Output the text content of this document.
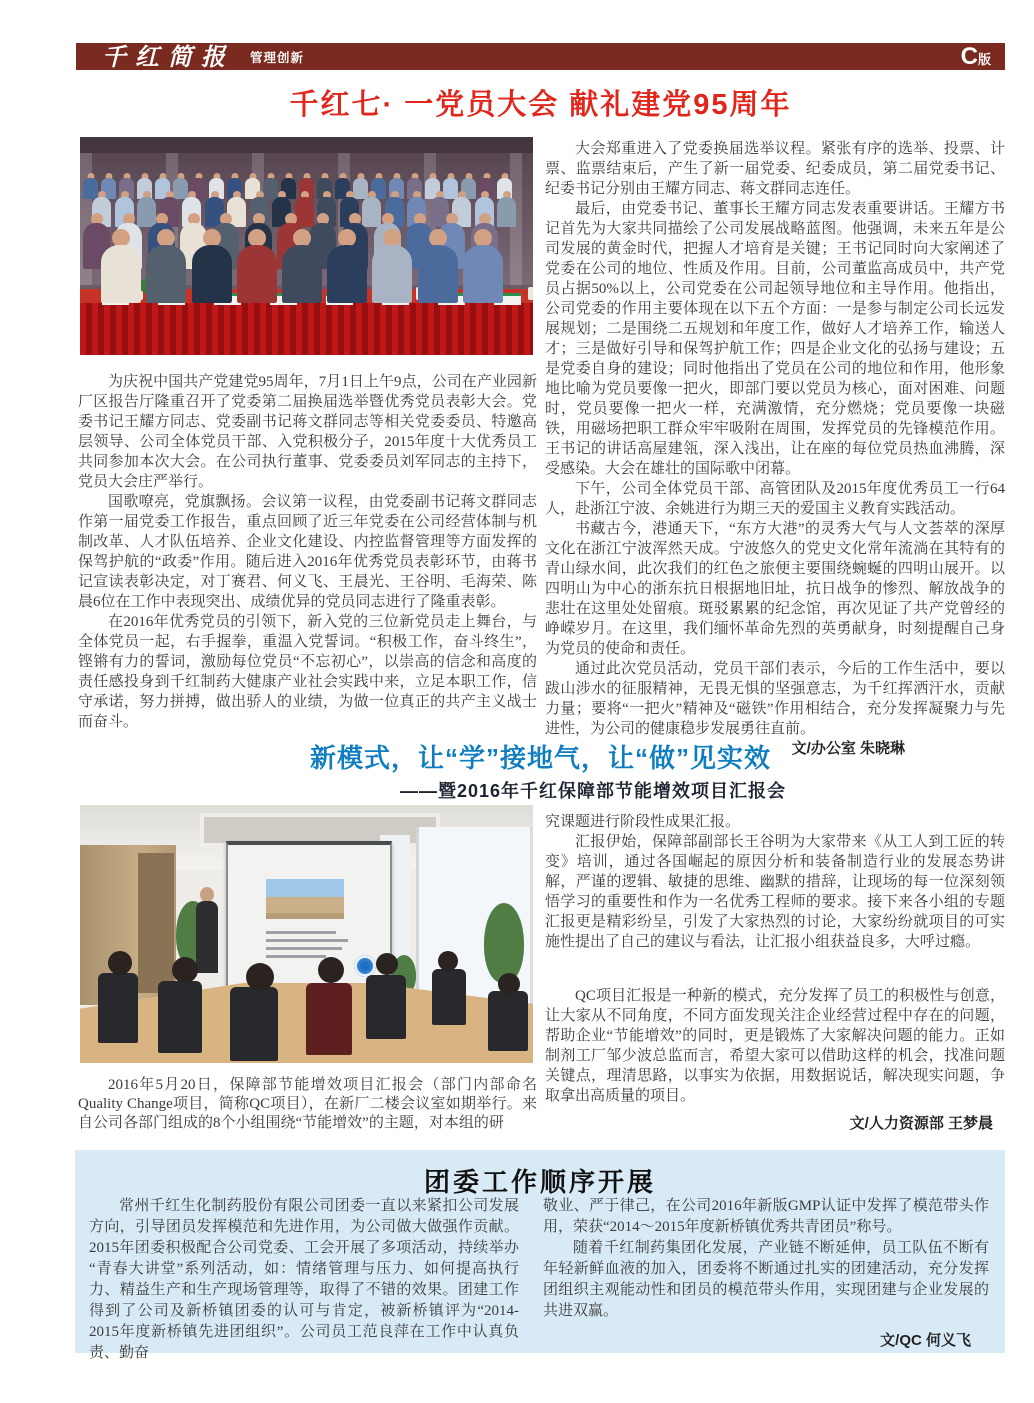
千红简报 管理创新	C 版
千红七· 一党员大会 献礼建党95周年

大会郑重进入了党委换届选举议程。紧张有序的选举、投票、计票、监票结束后，产生了新一届党委、纪委成员，第二届党委书记、纪委书记分别由王耀方同志、蒋文群同志连任。

最后，由党委书记、董事长王耀方同志发表重要讲话。王耀方书记首先为大家共同描绘了公司发展战略蓝图。他强调，未来五年是公司发展的黄金时代，把握人才培育是关键；王书记同时向大家阐述了党委在公司的地位、性质及作用。目前，公司董监高成员中，共产党员占据50%以上，公司党委在公司起领导地位和主导作用。他指出，公司党委的作用主要体现在以下五个方面：一是参与制定公司长远发展规划；二是围绕二五规划和年度工作，做好人才培养工作，输送人才；三是做好引导和保驾护航工作；四是企业文化的弘扬与建设；五是党委自身的建设；同时他指出了党员在公司的地位和作用，他形象地比喻为党员要像一把火，即部门要以党员为核心，面对困难、问题时，党员要像一把火一样，充满激情，充分燃烧；党员要像一块磁铁，用磁场把职工群众牢牢吸附在周围，发挥党员的先锋模范作用。王书记的讲话高屋建瓴，深入浅出，让在座的每位党员热血沸腾，深受感染。大会在雄壮的国际歌中闭幕。

下午，公司全体党员干部、高管团队及2015年度优秀员工一行64人，赴浙江宁波、余姚进行为期三天的爱国主义教育实践活动。

书藏古今，港通天下，“东方大港”的灵秀大气与人文荟萃的深厚文化在浙江宁波浑然天成。宁波悠久的党史文化常年流淌在其特有的青山绿水间，此次我们的红色之旅便主要围绕蜿蜒的四明山展开。以四明山为中心的浙东抗日根据地旧址，抗日战争的惨烈、解放战争的悲壮在这里处处留痕。斑驳累累的纪念馆，再次见证了共产党曾经的峥嵘岁月。在这里，我们缅怀革命先烈的英勇献身，时刻提醒自己身为党员的使命和责任。

通过此次党员活动，党员干部们表示，今后的工作生活中，要以跋山涉水的征服精神，无畏无惧的坚强意志，为千红挥洒汗水，贡献力量；要将“一把火”精神及“磁铁”作用相结合，充分发挥凝聚力与先进性，为公司的健康稳步发展勇往直前。

文/办公室 朱晓琳

为庆祝中国共产党建党95周年，7月1日上午9点，公司在产业园新厂区报告厅隆重召开了党委第二届换届选举暨优秀党员表彰大会。党委书记王耀方同志、党委副书记蒋文群同志等相关党委委员、特邀高层领导、公司全体党员干部、入党积极分子，2015年度十大优秀员工共同参加本次大会。在公司执行董事、党委委员刘军同志的主持下，党员大会庄严举行。

国歌嘹亮，党旗飘扬。会议第一议程，由党委副书记蒋文群同志作第一届党委工作报告，重点回顾了近三年党委在公司经营体制与机制改革、人才队伍培养、企业文化建设、内控监督管理等方面发挥的保驾护航的“政委”作用。随后进入2016年优秀党员表彰环节，由蒋书记宣读表彰决定，对丁赛君、何义飞、王晨光、王谷明、毛海荣、陈晨6位在工作中表现突出、成绩优异的党员同志进行了隆重表彰。

在2016年优秀党员的引领下，新入党的三位新党员走上舞台，与全体党员一起，右手握拳，重温入党誓词。“积极工作，奋斗终生”，铿锵有力的誓词，激励每位党员“不忘初心”，以崇高的信念和高度的责任感投身到千红制药大健康产业社会实践中来，立足本职工作，信守承诺，努力拼搏，做出骄人的业绩，为做一位真正的共产主义战士而奋斗。

新模式，让“学”接地气，让“做”见实效
——暨2016年千红保障部节能增效项目汇报会

究课题进行阶段性成果汇报。

汇报伊始，保障部副部长王谷明为大家带来《从工人到工匠的转变》培训，通过各国崛起的原因分析和装备制造行业的发展态势讲解，严谨的逻辑、敏捷的思维、幽默的措辞，让现场的每一位深刻领悟学习的重要性和作为一名优秀工程师的要求。接下来各小组的专题汇报更是精彩纷呈，引发了大家热烈的讨论，大家纷纷就项目的可实施性提出了自己的建议与看法，让汇报小组获益良多，大呼过瘾。

QC项目汇报是一种新的模式，充分发挥了员工的积极性与创意，让大家从不同角度，不同方面发现关注企业经营过程中存在的问题，帮助企业“节能增效”的同时，更是锻炼了大家解决问题的能力。正如制剂工厂邹少波总监而言，希望大家可以借助这样的机会，找准问题关键点，理清思路，以事实为依据，用数据说话，解决现实问题，争取拿出高质量的项目。

文/人力资源部 王梦晨

2016年5月20日，保障部节能增效项目汇报会（部门内部命名Quality Change项目，简称QC项目），在新厂二楼会议室如期举行。来自公司各部门组成的8个小组围绕“节能增效”的主题，对本组的研

团委工作顺序开展

常州千红生化制药股份有限公司团委一直以来紧扣公司发展方向，引导团员发挥模范和先进作用，为公司做大做强作贡献。2015年团委积极配合公司党委、工会开展了多项活动，持续举办“青春大讲堂”系列活动，如：情绪管理与压力、如何提高执行力、精益生产和生产现场管理等，取得了不错的效果。团建工作得到了公司及新桥镇团委的认可与肯定，被新桥镇评为“2014-2015年度新桥镇先进团组织”。公司员工范良萍在工作中认真负责、勤奋

敬业、严于律己，在公司2016年新版GMP认证中发挥了模范带头作用，荣获“2014～2015年度新桥镇优秀共青团员”称号。

随着千红制药集团化发展，产业链不断延伸，员工队伍不断有年轻新鲜血液的加入，团委将不断通过扎实的团建活动，充分发挥团组织主观能动性和团员的模范带头作用，实现团建与企业发展的共进双赢。

文/QC 何义飞
